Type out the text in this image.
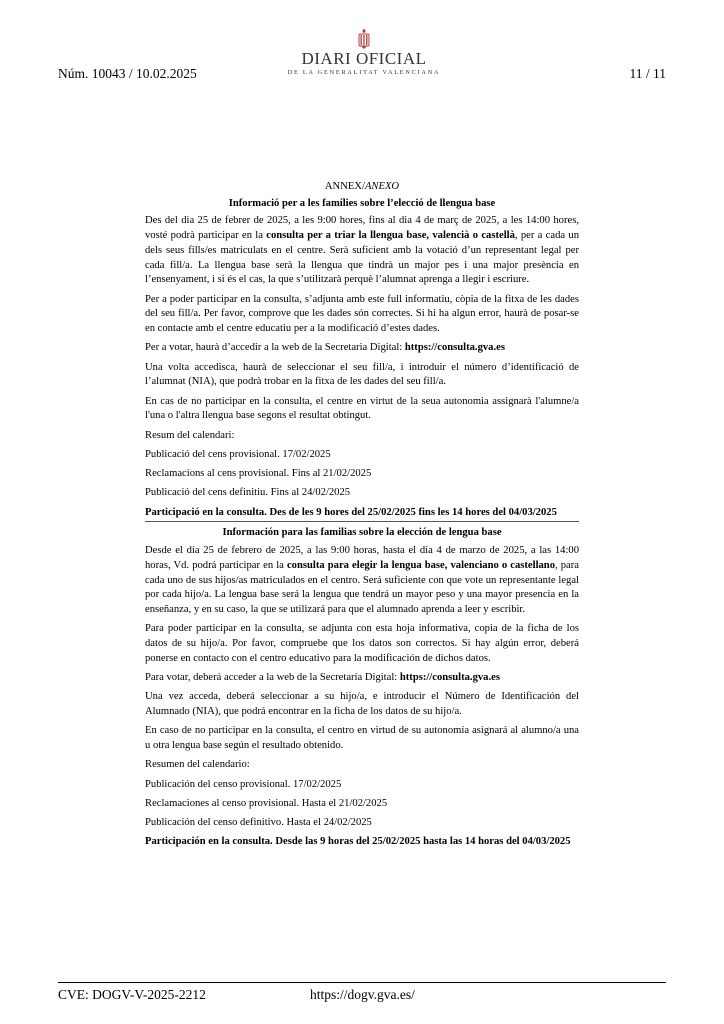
Núm. 10043 / 10.02.2025
DIARI OFICIAL
DE LA GENERALITAT VALENCIANA	11 / 11
ANNEX/ANEXO
Informació per a les famílies sobre l’elecció de llengua base
Des del dia 25 de febrer de 2025, a les 9:00 hores, fins al dia 4 de març de 2025, a les 14:00 hores, vosté podrà participar en la consulta per a triar la llengua base, valencià o castellà, per a cada un dels seus fills/es matriculats en el centre. Serà suficient amb la votació d’un representant legal per cada fill/a. La llengua base serà la llengua que tindrà un major pes i una major presència en l’ensenyament, i si és el cas, la que s’utilitzarà perquè l’alumnat aprenga a llegir i escriure.
Per a poder participar en la consulta, s’adjunta amb este full informatiu, còpia de la fitxa de les dades del seu fill/a. Per favor, comprove que les dades són correctes. Si hi ha algun error, haurà de posar-se en contacte amb el centre educatiu per a la modificació d’estes dades.
Per a votar, haurà d’accedir a la web de la Secretaria Digital: https://consulta.gva.es
Una volta accedisca, haurà de seleccionar el seu fill/a, i introduir el número d’identificació de l’alumnat (NIA), que podrà trobar en la fitxa de les dades del seu fill/a.
En cas de no participar en la consulta, el centre en virtut de la seua autonomia assignarà l'alumne/a l'una o l'altra llengua base segons el resultat obtingut.
Resum del calendari:
Publicació del cens provisional. 17/02/2025
Reclamacions al cens provisional. Fins al 21/02/2025
Publicació del cens definitiu. Fins al 24/02/2025
Participació en la consulta. Des de les 9 hores del 25/02/2025 fins les 14 hores del 04/03/2025
Información para las familias sobre la elección de lengua base
Desde el día 25 de febrero de 2025, a las 9:00 horas, hasta el día 4 de marzo de 2025, a las 14:00 horas, Vd. podrá participar en la consulta para elegir la lengua base, valenciano o castellano, para cada uno de sus hijos/as matriculados en el centro. Será suficiente con que vote un representante legal por cada hijo/a. La lengua base será la lengua que tendrá un mayor peso y una mayor presencia en la enseñanza, y en su caso, la que se utilizará para que el alumnado aprenda a leer y escribir.
Para poder participar en la consulta, se adjunta con esta hoja informativa, copia de la ficha de los datos de su hijo/a. Por favor, compruebe que los datos son correctos. Si hay algún error, deberá ponerse en contacto con el centro educativo para la modificación de dichos datos.
Para votar, deberá acceder a la web de la Secretaría Digital: https://consulta.gva.es
Una vez acceda, deberá seleccionar a su hijo/a, e introducir el Número de Identificación del Alumnado (NIA), que podrá encontrar en la ficha de los datos de su hijo/a.
En caso de no participar en la consulta, el centro en virtud de su autonomía asignará al alumno/a una u otra lengua base según el resultado obtenido.
Resumen del calendario:
Publicación del censo provisional. 17/02/2025
Reclamaciones al censo provisional. Hasta el 21/02/2025
Publicación del censo definitivo. Hasta el 24/02/2025
Participación en la consulta. Desde las 9 horas del 25/02/2025 hasta las 14 horas del 04/03/2025
CVE: DOGV-V-2025-2212	https://dogv.gva.es/
